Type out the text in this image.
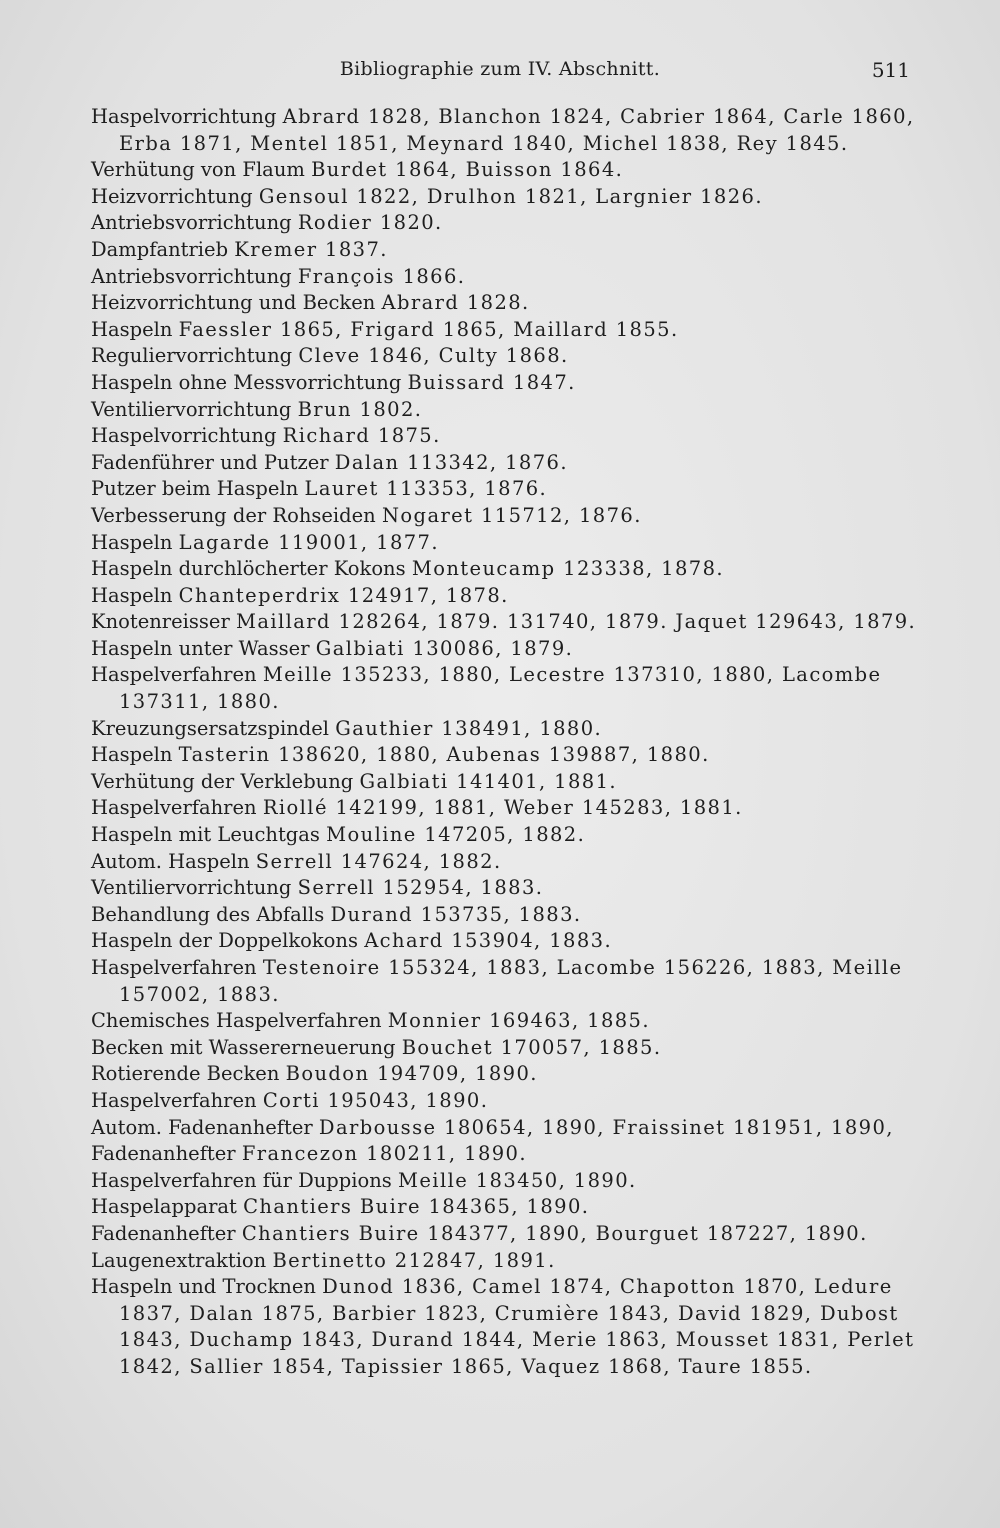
Bibliographie zum IV. Abschnitt.	511
Haspelvorrichtung Abrard 1828, Blanchon 1824, Cabrier 1864, Carle 1860, Erba 1871, Mentel 1851, Meynard 1840, Michel 1838, Rey 1845.
Verhütung von Flaum Burdet 1864, Buisson 1864.
Heizvorrichtung Gensoul 1822, Drulhon 1821, Largnier 1826.
Antriebsvorrichtung Rodier 1820.
Dampfantrieb Kremer 1837.
Antriebsvorrichtung François 1866.
Heizvorrichtung und Becken Abrard 1828.
Haspeln Faessler 1865, Frigard 1865, Maillard 1855.
Reguliervorrichtung Cleve 1846, Culty 1868.
Haspeln ohne Messvorrichtung Buissard 1847.
Ventiliervorrichtung Brun 1802.
Haspelvorrichtung Richard 1875.
Fadenführer und Putzer Dalan 113342, 1876.
Putzer beim Haspeln Lauret 113353, 1876.
Verbesserung der Rohseiden Nogaret 115712, 1876.
Haspeln Lagarde 119001, 1877.
Haspeln durchlöcherter Kokons Monteucamp 123338, 1878.
Haspeln Chanteperdrix 124917, 1878.
Knotenreisser Maillard 128264, 1879. 131740, 1879. Jaquet 129643, 1879.
Haspeln unter Wasser Galbiati 130086, 1879.
Haspelverfahren Meille 135233, 1880, Lecestre 137310, 1880, Lacombe 137311, 1880.
Kreuzungsersatzspindel Gauthier 138491, 1880.
Haspeln Tasterin 138620, 1880, Aubenas 139887, 1880.
Verhütung der Verklebung Galbiati 141401, 1881.
Haspelverfahren Riollé 142199, 1881, Weber 145283, 1881.
Haspeln mit Leuchtgas Mouline 147205, 1882.
Autom. Haspeln Serrell 147624, 1882.
Ventiliervorrichtung Serrell 152954, 1883.
Behandlung des Abfalls Durand 153735, 1883.
Haspeln der Doppelkokons Achard 153904, 1883.
Haspelverfahren Testenoire 155324, 1883, Lacombe 156226, 1883, Meille 157002, 1883.
Chemisches Haspelverfahren Monnier 169463, 1885.
Becken mit Wassererneuerung Bouchet 170057, 1885.
Rotierende Becken Boudon 194709, 1890.
Haspelverfahren Corti 195043, 1890.
Autom. Fadenanhefter Darbousse 180654, 1890, Fraissinet 181951, 1890,
Fadenanhefter Francezon 180211, 1890.
Haspelverfahren für Duppions Meille 183450, 1890.
Haspelapparat Chantiers Buire 184365, 1890.
Fadenanhefter Chantiers Buire 184377, 1890, Bourguet 187227, 1890.
Laugenextraktion Bertinetto 212847, 1891.
Haspeln und Trocknen Dunod 1836, Camel 1874, Chapotton 1870, Ledure 1837, Dalan 1875, Barbier 1823, Crumière 1843, David 1829, Dubost 1843, Duchamp 1843, Durand 1844, Merie 1863, Mousset 1831, Perlet 1842, Sallier 1854, Tapissier 1865, Vaquez 1868, Taure 1855.
